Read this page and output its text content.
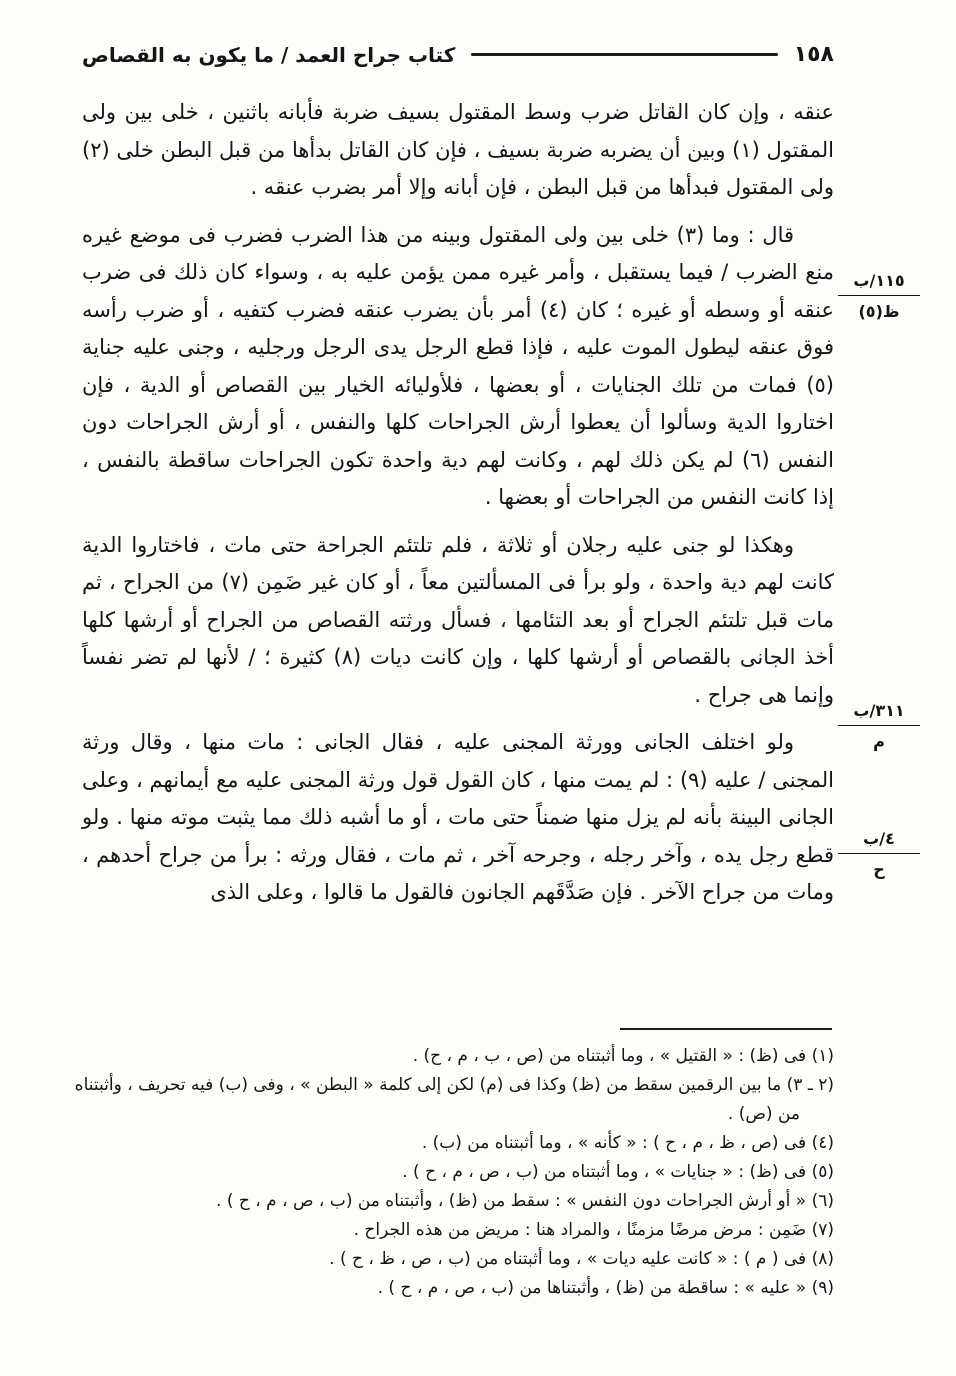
١٥٨
كتاب جراح العمد / ما يكون به القصاص

عنقه ، وإن كان القاتل ضرب وسط المقتول بسيف ضربة فأبانه باثنين ، خلى بين ولى المقتول (١) وبين أن يضربه ضربة بسيف ، فإن كان القاتل بدأها من قبل البطن خلى (٢) ولى المقتول فبدأها من قبل البطن ، فإن أبانه وإلا أمر بضرب عنقه .

قال : وما (٣) خلى بين ولى المقتول وبينه من هذا الضرب فضرب فى موضع غيره منع الضرب / فيما يستقبل ، وأمر غيره ممن يؤمن عليه به ، وسواء كان ذلك فى ضرب عنقه أو وسطه أو غيره ؛ كان (٤) أمر بأن يضرب عنقه فضرب كتفيه ، أو ضرب رأسه فوق عنقه ليطول الموت عليه ، فإذا قطع الرجل يدى الرجل ورجليه ، وجنى عليه جناية (٥) فمات من تلك الجنايات ، أو بعضها ، فلأوليائه الخيار بين القصاص أو الدية ، فإن اختاروا الدية وسألوا أن يعطوا أرش الجراحات كلها والنفس ، أو أرش الجراحات دون النفس (٦) لم يكن ذلك لهم ، وكانت لهم دية واحدة تكون الجراحات ساقطة بالنفس ، إذا كانت النفس من الجراحات أو بعضها .

وهكذا لو جنى عليه رجلان أو ثلاثة ، فلم تلتئم الجراحة حتى مات ، فاختاروا الدية كانت لهم دية واحدة ، ولو برأ فى المسألتين معاً ، أو كان غير ضَمِن (٧) من الجراح ، ثم مات قبل تلتئم الجراح أو بعد التئامها ، فسأل ورثته القصاص من الجراح أو أرشها كلها أخذ الجانى بالقصاص أو أرشها كلها ، وإن كانت ديات (٨) كثيرة ؛ / لأنها لم تضر نفساً وإنما هى جراح .

ولو اختلف الجانى وورثة المجنى عليه ، فقال الجانى : مات منها ، وقال ورثة المجنى / عليه (٩) : لم يمت منها ، كان القول قول ورثة المجنى عليه مع أيمانهم ، وعلى الجانى البينة بأنه لم يزل منها ضمناً حتى مات ، أو ما أشبه ذلك مما يثبت موته منها . ولو قطع رجل يده ، وآخر رجله ، وجرحه آخر ، ثم مات ، فقال ورثه : برأ من جراح أحدهم ، ومات من جراح الآخر . فإن صَدَّقَهم الجانون فالقول ما قالوا ، وعلى الذى

١١٥/ب
ظ(٥)
٣١١/ب
م
٤/ب
ح

(١) فى (ظ) : « القتيل » ، وما أثبتناه من (ص ، ب ، م ، ح) .

(٢ ـ ٣) ما بين الرقمين سقط من (ظ) وكذا فى (م) لكن إلى كلمة « البطن » ، وفى (ب) فيه تحريف ، وأثبتناه من (ص) .

(٤) فى (ص ، ظ ، م ، ح ) : « كأنه » ، وما أثبتناه من (ب) .

(٥) فى (ظ) : « جنايات » ، وما أثبتناه من (ب ، ص ، م ، ح ) .

(٦) « أو أرش الجراحات دون النفس » : سقط من (ظ) ، وأثبتناه من (ب ، ص ، م ، ح ) .

(٧) ضَمِن : مرض مرضًا مزمنًا ، والمراد هنا : مريض من هذه الجراح .

(٨) فى ( م ) : « كانت عليه ديات » ، وما أثبتناه من (ب ، ص ، ظ ، ح ) .

(٩) « عليه » : ساقطة من (ظ) ، وأثبتناها من (ب ، ص ، م ، ح ) .
